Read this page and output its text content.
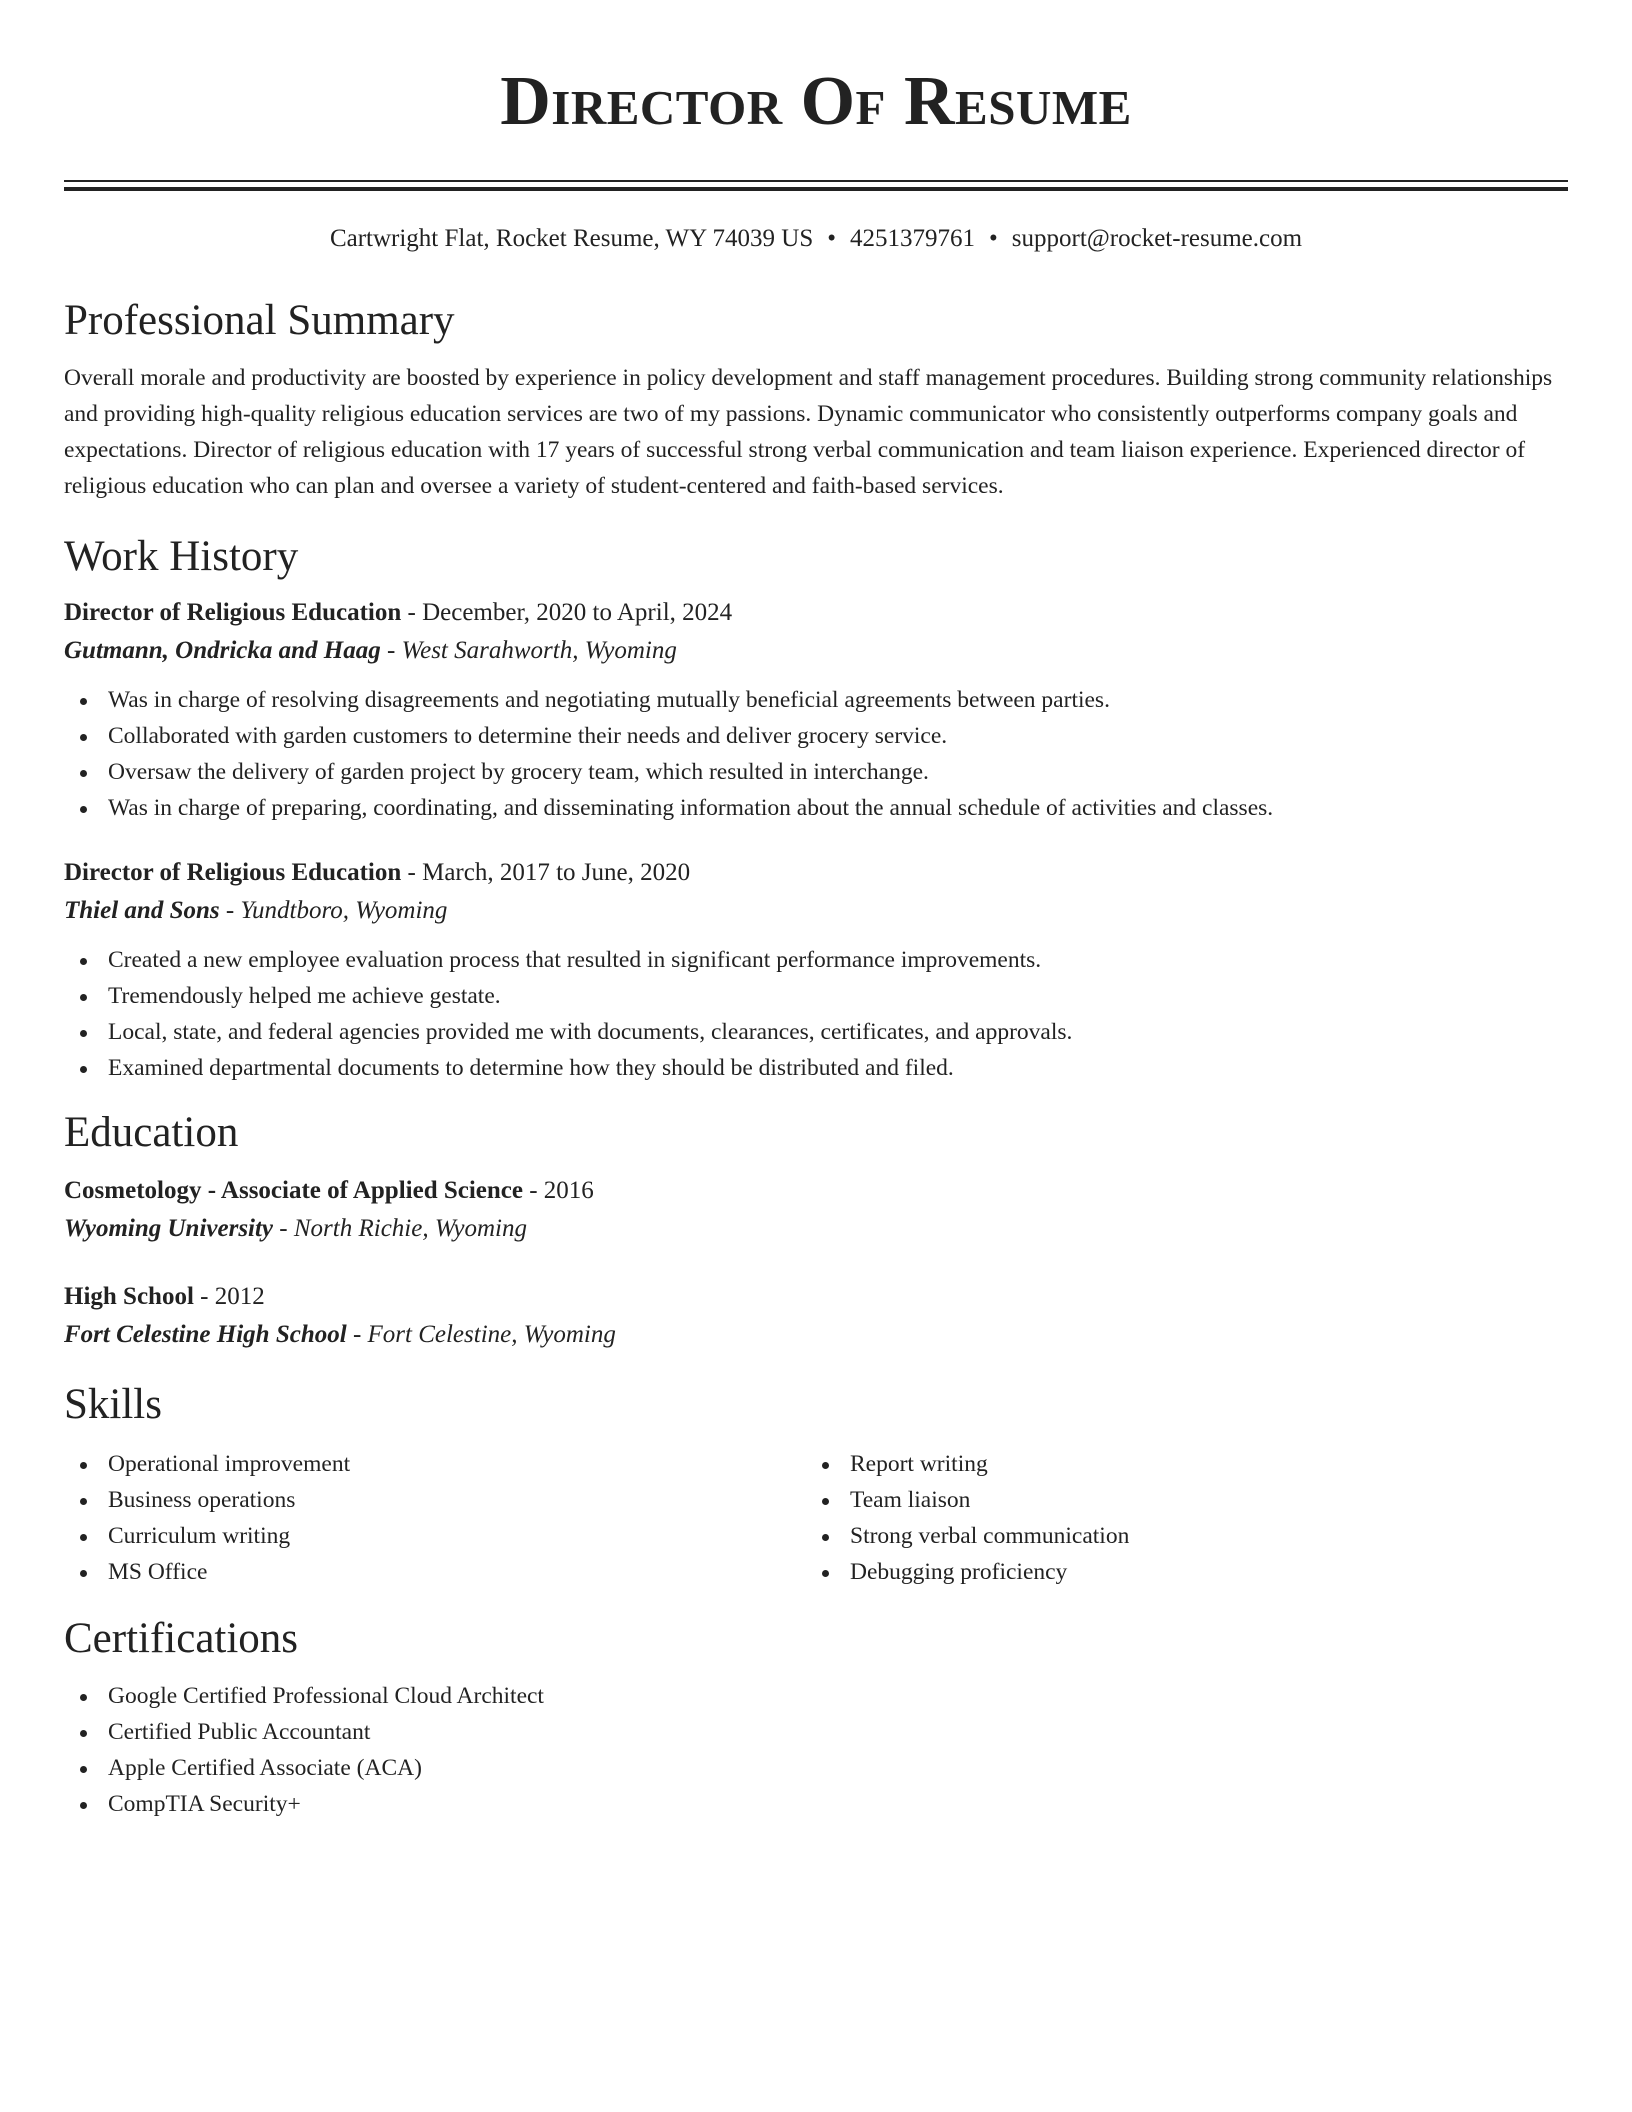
Director Of Resume
Cartwright Flat, Rocket Resume, WY 74039 US • 4251379761 • support@rocket-resume.com
Professional Summary

Overall morale and productivity are boosted by experience in policy development and staff management procedures. Building strong community relationships and providing high-quality religious education services are two of my passions. Dynamic communicator who consistently outperforms company goals and expectations. Director of religious education with 17 years of successful strong verbal communication and team liaison experience. Experienced director of religious education who can plan and oversee a variety of student-centered and faith-based services.

Work History
Director of Religious Education - December, 2020 to April, 2024
Gutmann, Ondricka and Haag - West Sarahworth, Wyoming
Was in charge of resolving disagreements and negotiating mutually beneficial agreements between parties.
Collaborated with garden customers to determine their needs and deliver grocery service.
Oversaw the delivery of garden project by grocery team, which resulted in interchange.
Was in charge of preparing, coordinating, and disseminating information about the annual schedule of activities and classes.
Director of Religious Education - March, 2017 to June, 2020
Thiel and Sons - Yundtboro, Wyoming
Created a new employee evaluation process that resulted in significant performance improvements.
Tremendously helped me achieve gestate.
Local, state, and federal agencies provided me with documents, clearances, certificates, and approvals.
Examined departmental documents to determine how they should be distributed and filed.
Education
Cosmetology - Associate of Applied Science - 2016
Wyoming University - North Richie, Wyoming
High School - 2012
Fort Celestine High School - Fort Celestine, Wyoming
Skills
Operational improvement
Business operations
Curriculum writing
MS Office
Report writing
Team liaison
Strong verbal communication
Debugging proficiency
Certifications
Google Certified Professional Cloud Architect
Certified Public Accountant
Apple Certified Associate (ACA)
CompTIA Security+
